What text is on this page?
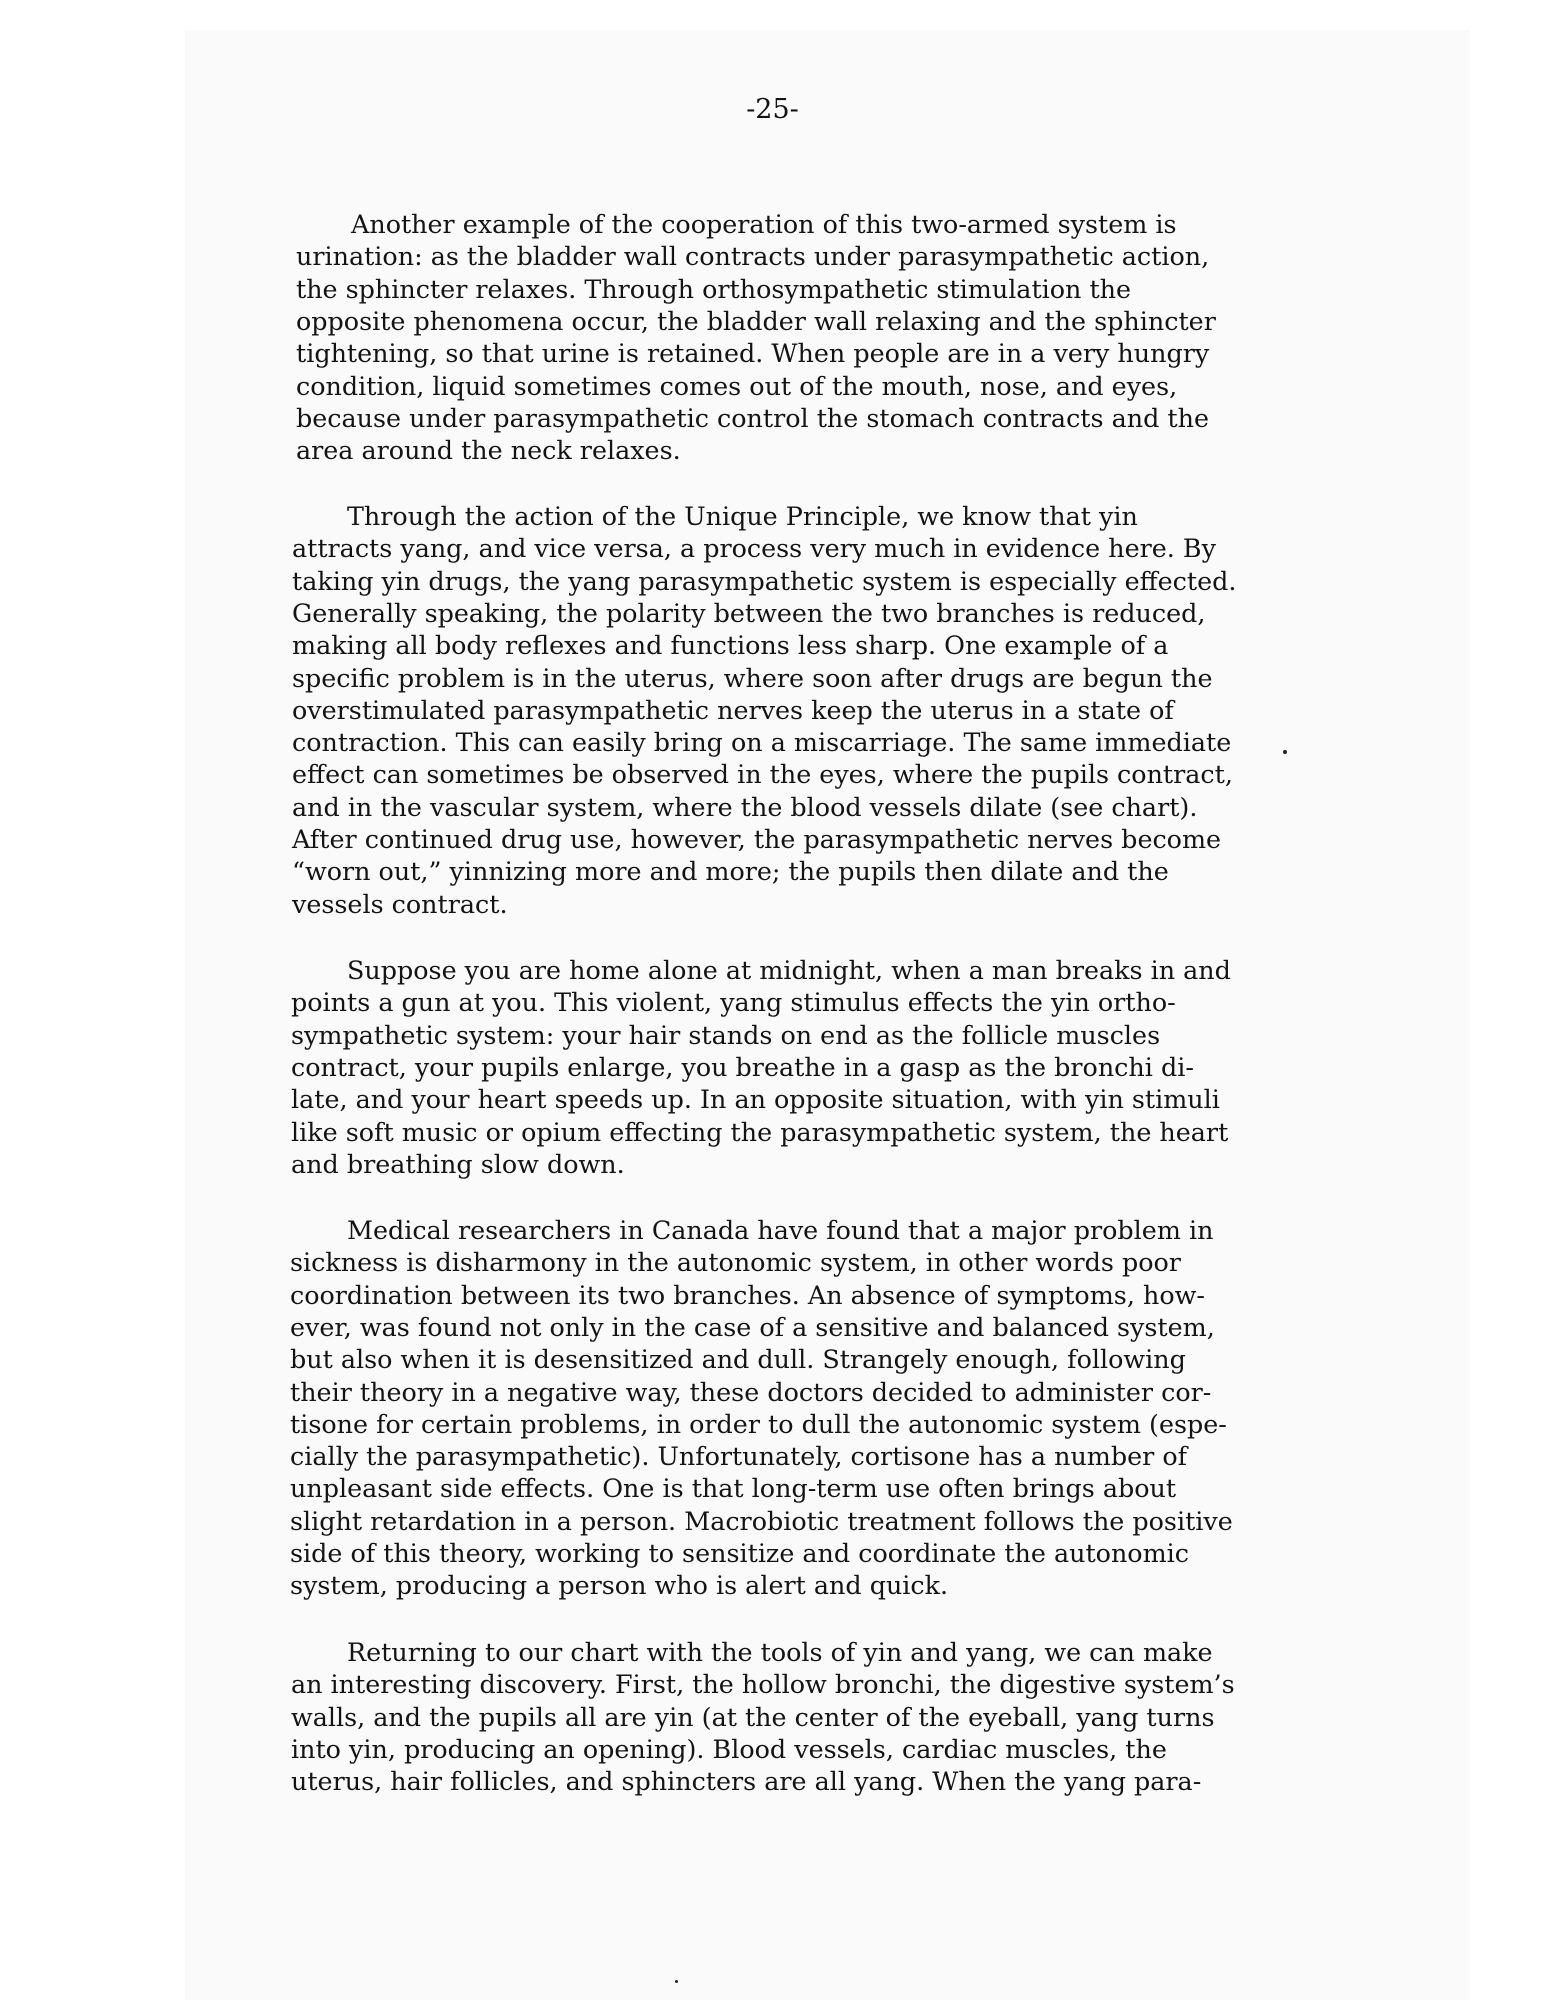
-25-
Another example of the cooperation of this two-armed system is
urination: as the bladder wall contracts under parasympathetic action,
the sphincter relaxes. Through orthosympathetic stimulation the
opposite phenomena occur, the bladder wall relaxing and the sphincter
tightening, so that urine is retained. When people are in a very hungry
condition, liquid sometimes comes out of the mouth, nose, and eyes,
because under parasympathetic control the stomach contracts and the
area around the neck relaxes.
Through the action of the Unique Principle, we know that yin
attracts yang, and vice versa, a process very much in evidence here. By
taking yin drugs, the yang parasympathetic system is especially effected.
Generally speaking, the polarity between the two branches is reduced,
making all body reflexes and functions less sharp. One example of a
specific problem is in the uterus, where soon after drugs are begun the
overstimulated parasympathetic nerves keep the uterus in a state of
contraction. This can easily bring on a miscarriage. The same immediate
effect can sometimes be observed in the eyes, where the pupils contract,
and in the vascular system, where the blood vessels dilate (see chart).
After continued drug use, however, the parasympathetic nerves become
“worn out,” yinnizing more and more; the pupils then dilate and the
vessels contract.
Suppose you are home alone at midnight, when a man breaks in and
points a gun at you. This violent, yang stimulus effects the yin ortho-
sympathetic system: your hair stands on end as the follicle muscles
contract, your pupils enlarge, you breathe in a gasp as the bronchi di-
late, and your heart speeds up. In an opposite situation, with yin stimuli
like soft music or opium effecting the parasympathetic system, the heart
and breathing slow down.
Medical researchers in Canada have found that a major problem in
sickness is disharmony in the autonomic system, in other words poor
coordination between its two branches. An absence of symptoms, how-
ever, was found not only in the case of a sensitive and balanced system,
but also when it is desensitized and dull. Strangely enough, following
their theory in a negative way, these doctors decided to administer cor-
tisone for certain problems, in order to dull the autonomic system (espe-
cially the parasympathetic). Unfortunately, cortisone has a number of
unpleasant side effects. One is that long-term use often brings about
slight retardation in a person. Macrobiotic treatment follows the positive
side of this theory, working to sensitize and coordinate the autonomic
system, producing a person who is alert and quick.
Returning to our chart with the tools of yin and yang, we can make
an interesting discovery. First, the hollow bronchi, the digestive system’s
walls, and the pupils all are yin (at the center of the eyeball, yang turns
into yin, producing an opening). Blood vessels, cardiac muscles, the
uterus, hair follicles, and sphincters are all yang. When the yang para-
